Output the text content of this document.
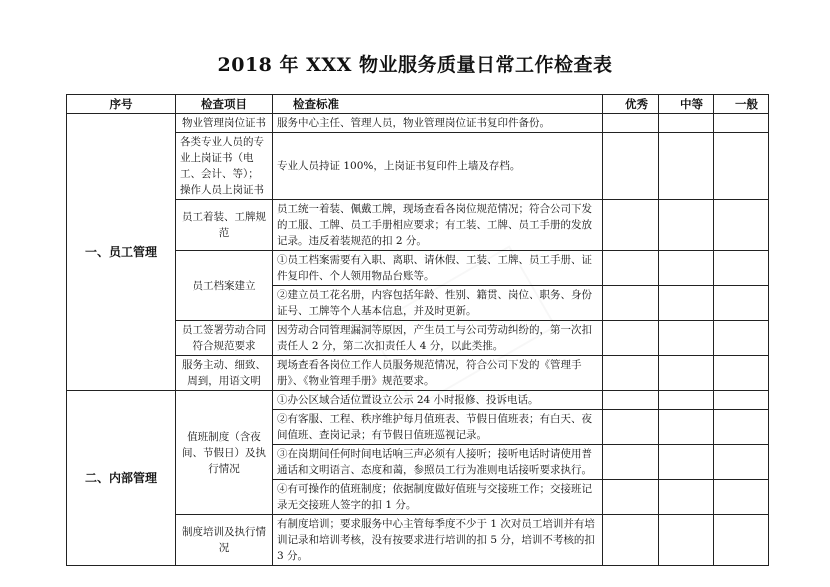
2018 年 XXX 物业服务质量日常工作检查表
序号	检查项目	检查标准	优秀	中等	一般
一、员工管理	物业管理岗位证书	服务中心主任、管理人员，物业管理岗位证书复印件备份。			
	各类专业人员的专业上岗证书（电工、会计、等）；操作人员上岗证书	专业人员持证 100%，上岗证书复印件上墙及存档。			
	员工着装、工牌规范	员工统一着装、佩戴工牌，现场查看各岗位规范情况；符合公司下发的工服、工牌、员工手册相应要求；有工装、工牌、员工手册的发放记录。违反着装规范的扣 2 分。			
	员工档案建立	①员工档案需要有入职、离职、请休假、工装、工牌、员工手册、证件复印件、个人领用物品台账等。			
		②建立员工花名册，内容包括年龄、性别、籍贯、岗位、职务、身份证号、工牌等个人基本信息，并及时更新。			
	员工签署劳动合同符合规范要求	因劳动合同管理漏洞等原因，产生员工与公司劳动纠纷的，第一次扣责任人 2 分，第二次扣责任人 4 分，以此类推。			
	服务主动、细致、周到，用语文明	现场查看各岗位工作人员服务规范情况，符合公司下发的《管理手册》、《物业管理手册》规范要求。			
二、内部管理	值班制度（含夜间、节假日）及执行情况	①办公区域合适位置设立公示 24 小时报修、投诉电话。			
		②有客服、工程、秩序维护每月值班表、节假日值班表；有白天、夜间值班、查岗记录；有节假日值班巡视记录。			
		③在岗期间任何时间电话响三声必须有人接听；接听电话时请使用普通话和文明语言、态度和蔼，参照员工行为准则电话接听要求执行。			
		④有可操作的值班制度；依据制度做好值班与交接班工作；交接班记录无交接班人签字的扣 1 分。			
	制度培训及执行情况	有制度培训；要求服务中心主管每季度不少于 1 次对员工培训并有培训记录和培训考核，没有按要求进行培训的扣 5 分，培训不考核的扣 3 分。			
